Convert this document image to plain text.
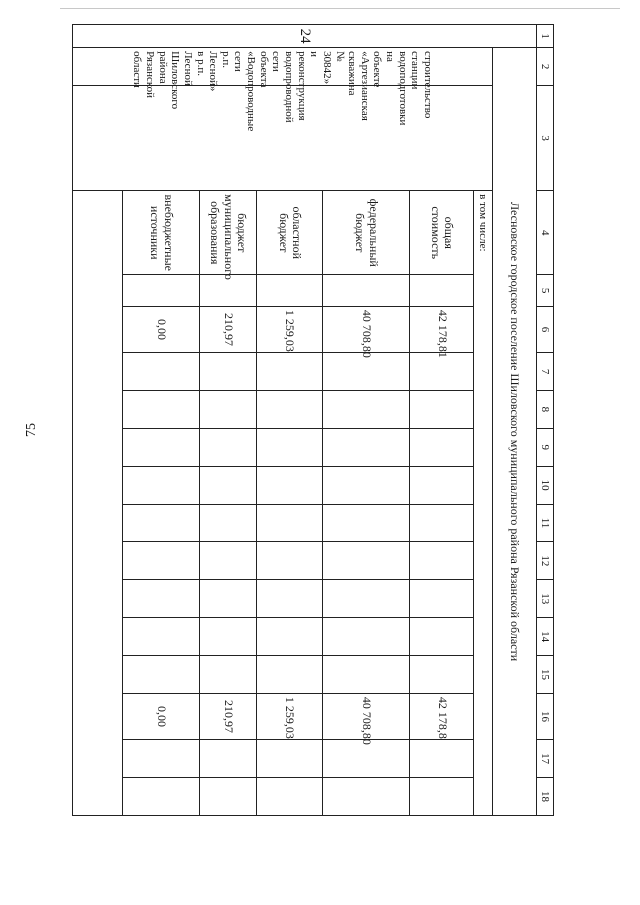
75
1	2	3	4	5	6	7	8	9	10	11	12	13	14	15	16	17	18
24	Лесновское городское поселение Шиловского муниципального района Рязанской области																
	строительство станции водоподготовки на объекте «Артезианская скважина № 30842» и реконструкция водопроводной сети объекта «Водопроводные сети р.п. Лесной» в р.п. Лесной Шиловского района Рязанской области		в том числе:														
			общая стоимость		42 178,81										42 178,8		
			федеральный бюджет		40 708,80										40 708,80		
			областной бюджет		1 259,03										1 259,03		
			бюджет муниципального образования		210,97										210,97		
			внебюджетные источники		0,00										0,00		
